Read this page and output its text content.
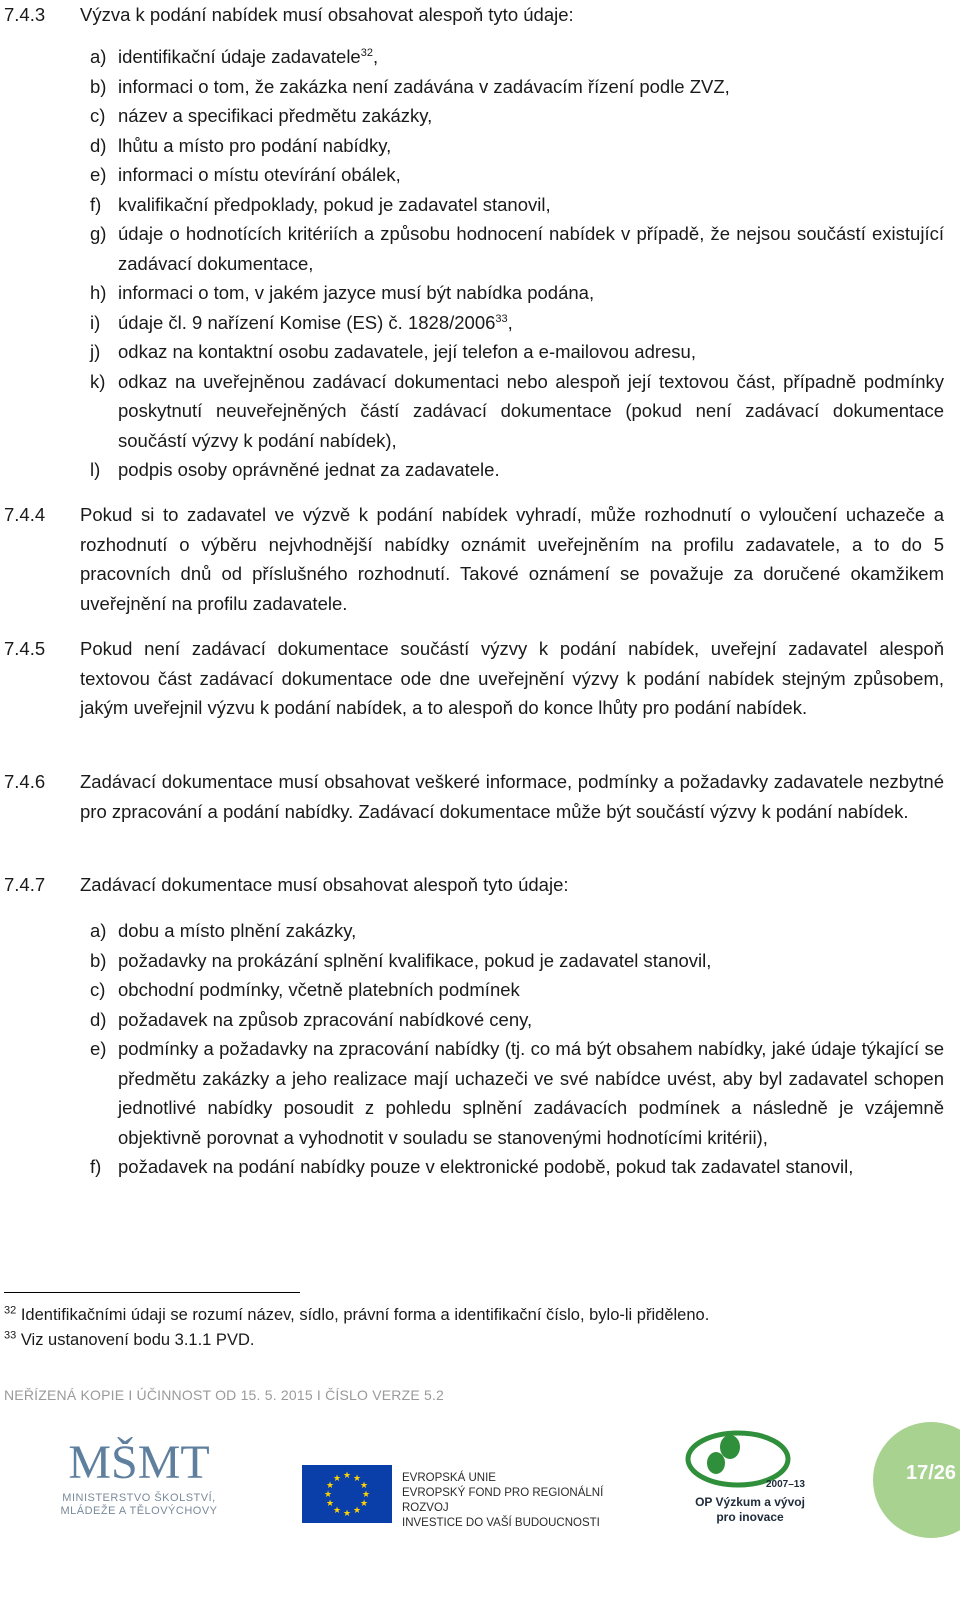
7.4.3	Výzva k podání nabídek musí obsahovat alespoň tyto údaje:
a) identifikační údaje zadavatele$^{32}$,
b) informaci o tom, že zakázka není zadávána v zadávacím řízení podle ZVZ,
c) název a specifikaci předmětu zakázky,
d) lhůtu a místo pro podání nabídky,
e) informaci o místu otevírání obálek,
f) kvalifikační předpoklady, pokud je zadavatel stanovil,
g) údaje o hodnotících kritériích a způsobu hodnocení nabídek v případě, že nejsou součástí existující zadávací dokumentace,
h) informaci o tom, v jakém jazyce musí být nabídka podána,
i) údaje čl. 9 nařízení Komise (ES) č. 1828/2006$^{33}$,
j) odkaz na kontaktní osobu zadavatele, její telefon a e-mailovou adresu,
k) odkaz na uveřejněnou zadávací dokumentaci nebo alespoň její textovou část, případně podmínky poskytnutí neuveřejněných částí zadávací dokumentace (pokud není zadávací dokumentace součástí výzvy k podání nabídek),
l) podpis osoby oprávněné jednat za zadavatele.
7.4.4	Pokud si to zadavatel ve výzvě k podání nabídek vyhradí, může rozhodnutí o vyloučení uchazeče a rozhodnutí o výběru nejvhodnější nabídky oznámit uveřejněním na profilu zadavatele, a to do 5 pracovních dnů od příslušného rozhodnutí. Takové oznámení se považuje za doručené okamžikem uveřejnění na profilu zadavatele.
7.4.5	Pokud není zadávací dokumentace součástí výzvy k podání nabídek, uveřejní zadavatel alespoň textovou část zadávací dokumentace ode dne uveřejnění výzvy k podání nabídek stejným způsobem, jakým uveřejnil výzvu k podání nabídek, a to alespoň do konce lhůty pro podání nabídek.
7.4.6	Zadávací dokumentace musí obsahovat veškeré informace, podmínky a požadavky zadavatele nezbytné pro zpracování a podání nabídky. Zadávací dokumentace může být součástí výzvy k podání nabídek.
7.4.7	Zadávací dokumentace musí obsahovat alespoň tyto údaje:
a) dobu a místo plnění zakázky,
b) požadavky na prokázání splnění kvalifikace, pokud je zadavatel stanovil,
c) obchodní podmínky, včetně platebních podmínek
d) požadavek na způsob zpracování nabídkové ceny,
e) podmínky a požadavky na zpracování nabídky (tj. co má být obsahem nabídky, jaké údaje týkající se předmětu zakázky a jeho realizace mají uchazeči ve své nabídce uvést, aby byl zadavatel schopen jednotlivé nabídky posoudit z pohledu splnění zadávacích podmínek a následně je vzájemně objektivně porovnat a vyhodnotit v souladu se stanovenými hodnotícími kritérii),
f) požadavek na podání nabídky pouze v elektronické podobě, pokud tak zadavatel stanovil,
$^{32}$ Identifikačními údaji se rozumí název, sídlo, právní forma a identifikační číslo, bylo-li přiděleno.
$^{33}$ Viz ustanovení bodu 3.1.1 PVD.
NEŘÍZENÁ KOPIE I ÚČINNOST OD 15. 5. 2015 I ČÍSLO VERZE 5.2
MŠMT
MINISTERSTVO ŠKOLSTVÍ,
MLÁDEŽE A TĚLOVÝCHOVY
★ ★
★
★
★
★
★
★
★
★
★
★	EVROPSKÁ UNIE
EVROPSKÝ FOND PRO REGIONÁLNÍ ROZVOJ
INVESTICE DO VAŠÍ BUDOUCNOSTI
2007–13
OP Výzkum a vývoj
pro inovace
17/26
